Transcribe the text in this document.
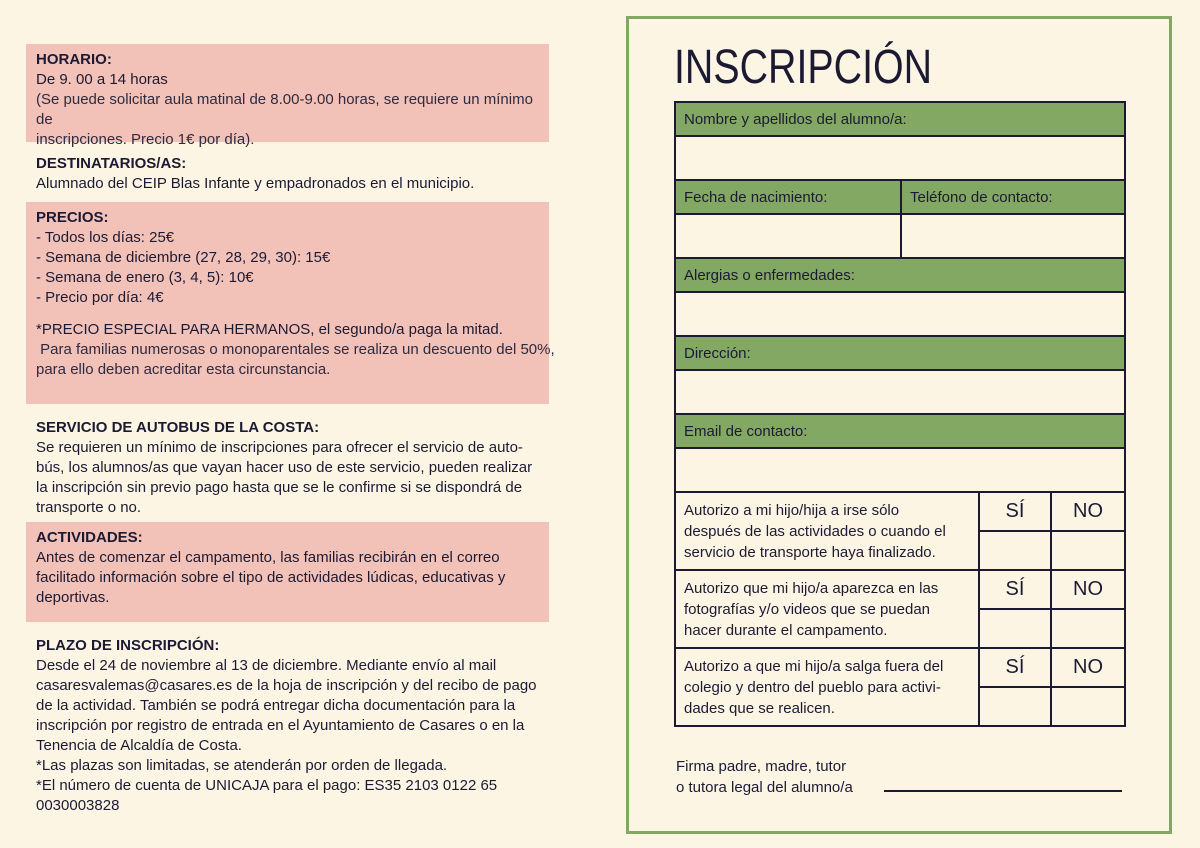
HORARIO:
De 9. 00 a 14 horas
(Se puede solicitar aula matinal de 8.00-9.00 horas, se requiere un mínimo de
inscripciones. Precio 1€ por día).
DESTINATARIOS/AS:
Alumnado del CEIP Blas Infante y empadronados en el municipio.
PRECIOS:
- Todos los días: 25€
- Semana de diciembre (27, 28, 29, 30): 15€
- Semana de enero (3, 4, 5): 10€
- Precio por día: 4€
*PRECIO ESPECIAL PARA HERMANOS, el segundo/a paga la mitad.
Para familias numerosas o monoparentales se realiza un descuento del 50%,
para ello deben acreditar esta circunstancia.
SERVICIO DE AUTOBUS DE LA COSTA:
Se requieren un mínimo de inscripciones para ofrecer el servicio de auto-
bús, los alumnos/as que vayan hacer uso de este servicio, pueden realizar
la inscripción sin previo pago hasta que se le confirme si se dispondrá de
transporte o no.
ACTIVIDADES:
Antes de comenzar el campamento, las familias recibirán en el correo
facilitado información sobre el tipo de actividades lúdicas, educativas y
deportivas.
PLAZO DE INSCRIPCIÓN:
Desde el 24 de noviembre al 13 de diciembre. Mediante envío al mail
casaresvalemas@casares.es de la hoja de inscripción y del recibo de pago
de la actividad. También se podrá entregar dicha documentación para la
inscripción por registro de entrada en el Ayuntamiento de Casares o en la
Tenencia de Alcaldía de Costa.
*Las plazas son limitadas, se atenderán por orden de llegada.
*El número de cuenta de UNICAJA para el pago: ES35 2103 0122 65
0030003828
INSCRIPCIÓN
Nombre y apellidos del alumno/a:
Fecha de nacimiento:	Teléfono de contacto:
Alergias o enfermedades:
Dirección:
Email de contacto:
Autorizo a mi hijo/hija a irse sólo
después de las actividades o cuando el
servicio de transporte haya finalizado.
SÍ	NO
Autorizo que mi hijo/a aparezca en las
fotografías y/o videos que se puedan
hacer durante el campamento.
SÍ	NO
Autorizo a que mi hijo/a salga fuera del
colegio y dentro del pueblo para activi-
dades que se realicen.
SÍ	NO
Firma padre, madre, tutor
o tutora legal del alumno/a
